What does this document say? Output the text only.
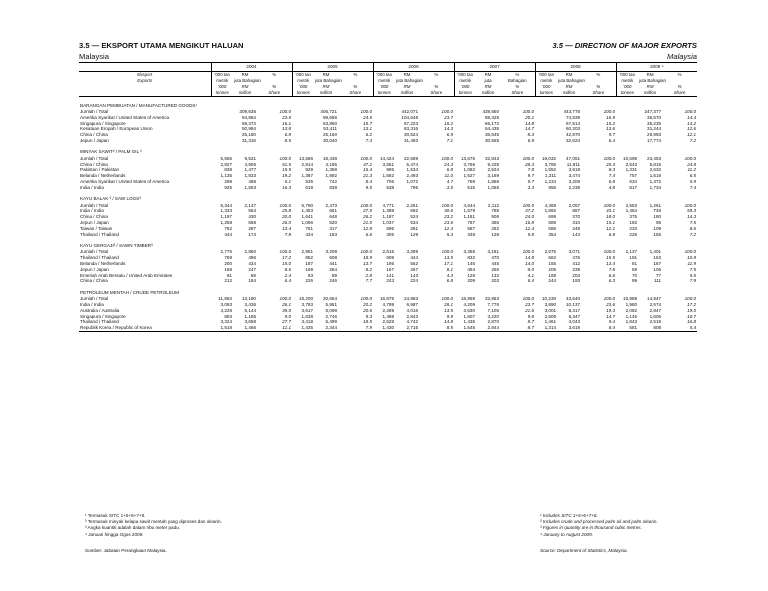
3.5 — EKSPORT UTAMA MENGIKUT HALUAN
Malaysia
3.5 — DIRECTION OF MAJOR EXPORTS
Malaysia
	2004			2005			2006			2007			2008			2009 ⁴		
Eksport	'000 tan	RM	%	'000 tan	RM	%	'000 tan	RM	%	'000 tan	RM	%	'000 tan	RM	%	'000 tan	RM	%
Exports	metrik	juta Bahagian		metrik	juta Bahagian		metrik	juta Bahagian		metrik	juta	Bahagian	metrik	juta Bahagian		metrik	juta Bahagian	
	'000	RM	%	'000	RM	%	'000	RM	%	'000	RM	%	'000	RM	%	'000	RM	%
	tonnes	million	Share	tonnes	million	Share	tonnes	million	Share	tonnes	million	Share	tonnes	million	Share	tonnes	million	Share

BARANGAN PEMBUATAN / MANUFACTURED GOODS¹																		
Jumlah / Total		309,636	100.0		406,721	100.0		442,071	100.0		439,850	100.0		443,778	100.0		247,377	100.0
Amerika Syarikat / United States of America		84,864	23.9		99,656	24.5		104,648	23.7		88,325	20.1		74,839	16.9		35,570	14.4
Singapura / Singapore		59,373	16.1		63,860	15.7		67,223	15.2		65,172	14.8		67,514	15.2		35,235	14.2
Kesatuan Eropah / European Union		50,994	13.8		53,411	13.1		63,316	14.3		64,435	14.7		60,203	13.6		31,244	12.6
China / China		25,180	6.8		25,160	6.2		30,524	6.9		36,645	8.3		42,870	9.7		29,993	12.1
Jepun / Japan		31,316	8.5		30,040	7.4		31,493	7.1		30,565	6.9		32,624	6.4		17,774	7.2

MINYAK SAWIT² / PALM OIL ²																		
Jumlah / Total	5,555	9,531	100.0	13,586	18,438	100.0	14,424	22,589	100.0	13,676	32,843	100.0	16,032	47,051	100.0	10,698	23,453	100.0
China / China	2,827	4,905	51.5	2,914	4,185	47.2	3,551	5,474	24.3	3,766	9,228	28.3	3,785	11,911	25.3	2,543	5,815	24.8
Pakistan / Pakistan	838	1,477	15.5	929	1,369	15.4	995	1,534	6.8	1,082	2,534	7.8	1,552	3,919	8.3	1,331	2,632	11.2
Belanda / Netherlands	1,135	1,833	19.2	1,387	1,892	21.3	1,582	2,493	11.0	1,527	3,169	9.7	1,311	3,474	7.4	757	1,519	6.5
Amerika Syarikat / United States of America	298	488	5.1	535	742	8.4	706	1,072	4.7	769	1,866	5.7	1,234	3,205	6.8	634	1,372	5.9
India / India	925	1,553	16.3	619	839	9.5	538	795	3.5	515	1,066	3.3	956	2,239	4.8	817	1,734	7.4

KAYU BALAK ³ / SAW LOGS³																		
Jumlah / Total	5,344	2,147	100.0	5,790	2,473	100.0	4,771	2,261	100.0	4,644	2,112	100.0	4,368	2,057	100.0	2,553	1,261	100.0
India / India	1,333	554	25.8	1,453	681	27.5	1,398	692	30.6	1,579	785	37.2	1,892	887	43.1	1,464	748	59.3
China / China	1,197	430	20.0	1,641	648	26.2	1,187	524	23.2	1,181	506	24.0	698	370	18.0	375	180	14.3
Jepun / Japan	1,258	558	26.0	1,066	520	21.0	1,037	534	23.6	767	355	16.8	589	310	15.1	182	95	7.5
Taiwan / Taiwan	762	287	13.4	751	317	12.8	595	281	12.4	587	262	12.4	586	248	12.1	233	109	8.6
Thailand / Thailand	444	174	7.8	434	183	6.6	305	129	5.3	348	128	5.8	354	144	6.8	226	156	7.2

KAYU GERGAJI³ / SAWN TIMBER³																		
Jumlah / Total	2,775	2,860	100.0	2,951	3,209	100.0	2,615	3,289	100.0	3,356	3,181	100.0	2,675	3,071	100.0	1,137	1,401	100.0
Thailand / Thailand	759	496	17.2	852	608	18.9	609	444	13.5	832	470	14.8	662	476	15.5	191	153	10.9
Belanda / Netherlands	200	434	15.0	187	441	13.7	195	562	17.1	146	445	14.0	155	412	13.4	81	167	11.9
Jepun / Japan	188	247	8.6	169	264	8.2	167	267	8.1	454	256	8.0	205	239	7.8	59	105	7.5
Emeriah Arab Bersatu / United Arab Emirates	81	69	2.4	93	89	2.8	141	143	4.3	128	132	4.1	168	204	6.6	70	77	5.5
China / China	212	184	6.4	226	246	7.7	243	224	6.8	209	203	6.4	244	193	6.3	99	111	7.9

PETROLEUM MENTAH / CRUDE PETROLEUM																		
Jumlah / Total	11,863	13,190	100.0	16,200	20,654	100.0	16,875	24,983	100.0	16,959	32,863	100.0	10,230	43,640	100.0	10,989	14,947	100.0
India / India	3,093	3,436	26.1	3,783	5,951	20.2	4,799	6,987	28.1	4,209	7,776	23.7	3,890	10,137	23.6	1,980	2,574	17.2
Australia / Australia	4,228	5,144	39.0	3,617	6,098	20.6	2,289	4,016	13.5	3,630	7,105	21.6	3,001	8,317	19.3	2,082	2,847	19.0
Singapura / Singapore	893	1,185	9.0	1,638	2,746	9.3	1,498	2,843	9.9	1,607	3,220	9.8	2,506	6,347	14.7	1,145	1,606	10.7
Thailand / Thailand	3,324	3,658	27.7	3,418	5,499	18.5	2,528	4,742	14.8	1,435	2,870	8.7	1,461	4,043	9.4	1,843	2,518	16.8
Republik Korea / Republic of Korea	1,518	1,466	11.1	1,435	2,344	7.9	1,430	2,715	8.5	1,545	2,844	8.7	1,314	3,619	8.4	581	808	5.4
¹ Termasuk SITC 1+5+6+7+8.
² Termasuk minyak kelapa sawit mentah yang diproses dan olearin.
³ Angka kuantiti adalah dalam ribu meter padu.
⁴ Januari hingga Ogos 2009.
¹ Includes SITC 1+5+6+7+8.
² Includes crude and processed palm oil and palm olearin.
³ Figures in quantity are in thousand cubic metres.
⁴ January to August 2009.
Sumber: Jabatan Perangkaan Malaysia.	Source: Department of Statistics, Malaysia.
